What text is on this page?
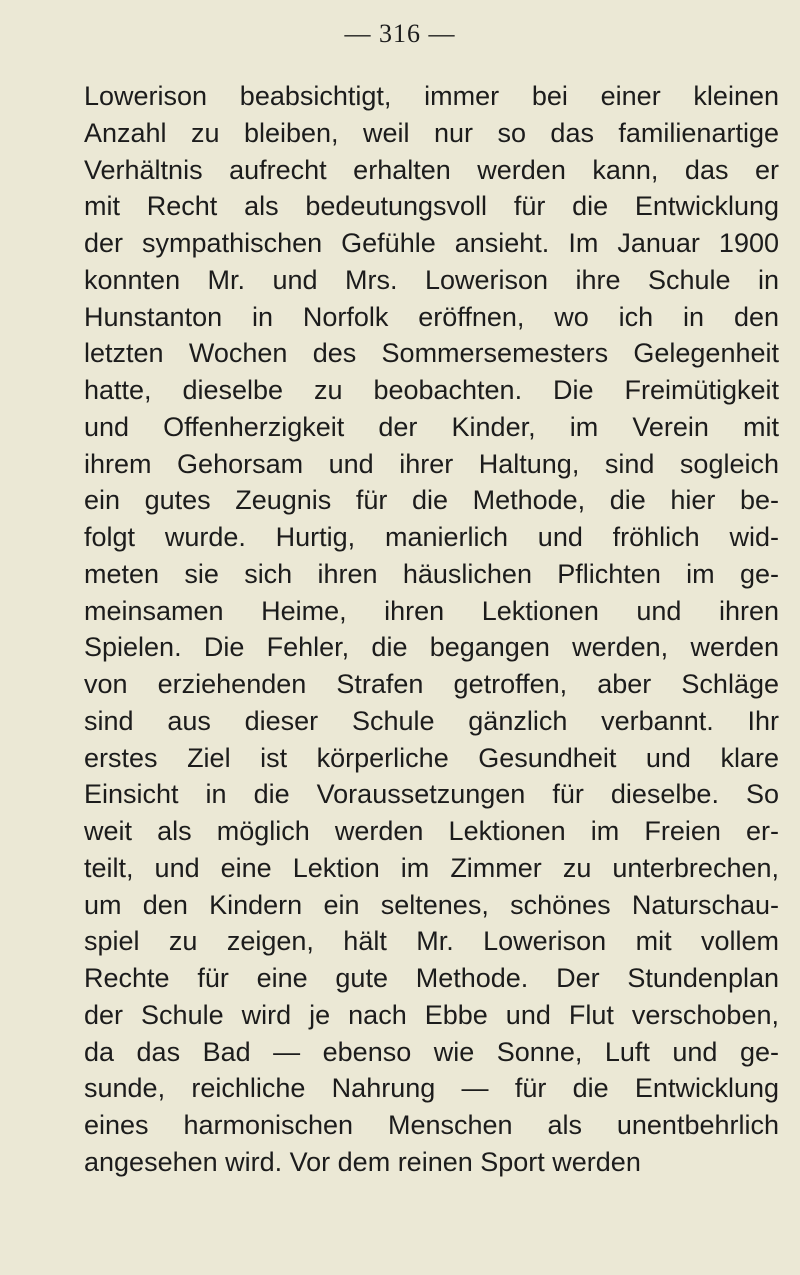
— 316 —
Lowerison beabsichtigt, immer bei einer kleinen
Anzahl zu bleiben, weil nur so das familienartige
Verhältnis aufrecht erhalten werden kann, das er
mit Recht als bedeutungsvoll für die Entwicklung
der sympathischen Gefühle ansieht. Im Januar 1900
konnten Mr. und Mrs. Lowerison ihre Schule in
Hunstanton in Norfolk eröffnen, wo ich in den
letzten Wochen des Sommersemesters Gelegenheit
hatte, dieselbe zu beobachten. Die Freimütigkeit
und Offenherzigkeit der Kinder, im Verein mit
ihrem Gehorsam und ihrer Haltung, sind sogleich
ein gutes Zeugnis für die Methode, die hier be-
folgt wurde. Hurtig, manierlich und fröhlich wid-
meten sie sich ihren häuslichen Pflichten im ge-
meinsamen Heime, ihren Lektionen und ihren
Spielen. Die Fehler, die begangen werden, werden
von erziehenden Strafen getroffen, aber Schläge
sind aus dieser Schule gänzlich verbannt. Ihr
erstes Ziel ist körperliche Gesundheit und klare
Einsicht in die Voraussetzungen für dieselbe. So
weit als möglich werden Lektionen im Freien er-
teilt, und eine Lektion im Zimmer zu unterbrechen,
um den Kindern ein seltenes, schönes Naturschau-
spiel zu zeigen, hält Mr. Lowerison mit vollem
Rechte für eine gute Methode. Der Stundenplan
der Schule wird je nach Ebbe und Flut verschoben,
da das Bad — ebenso wie Sonne, Luft und ge-
sunde, reichliche Nahrung — für die Entwicklung
eines harmonischen Menschen als unentbehrlich
angesehen wird. Vor dem reinen Sport werden
